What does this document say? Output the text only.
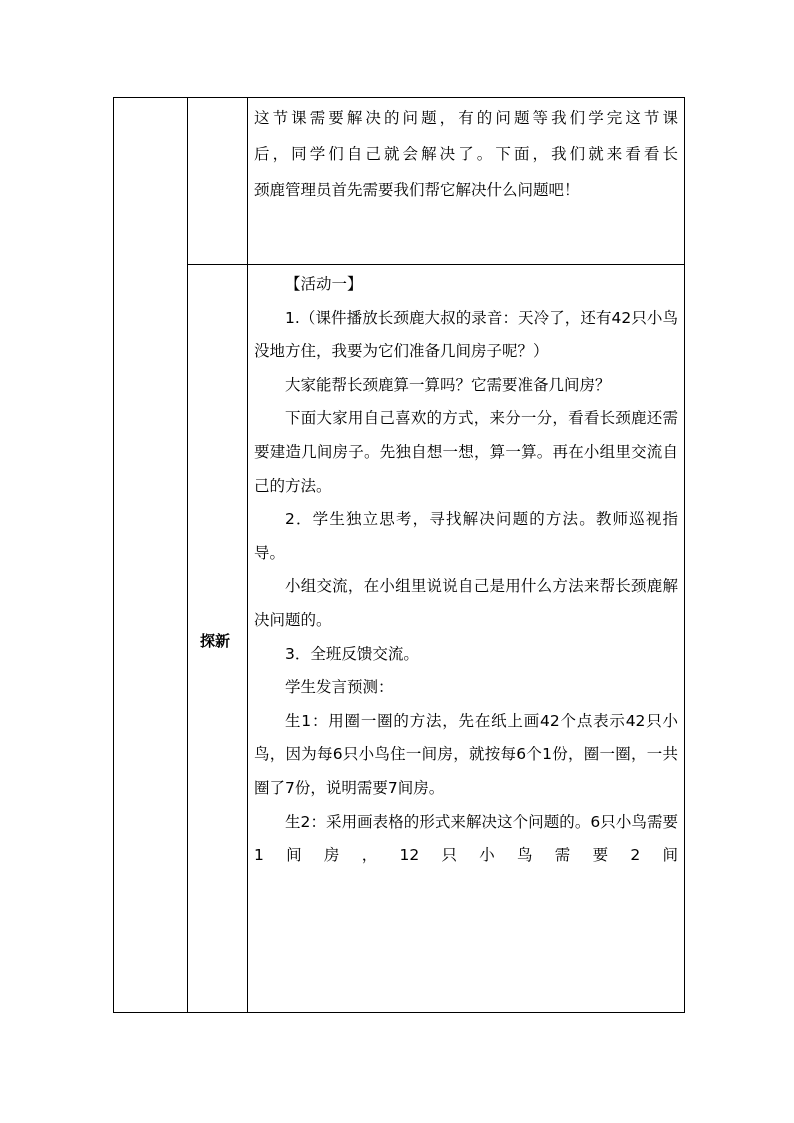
这节课需要解决的问题，有的问题等我们学完这节课

后，同学们自己就会解决了。下面，我们就来看看长

颈鹿管理员首先需要我们帮它解决什么问题吧！

探新

【活动一】

1.（课件播放长颈鹿大叔的录音：天冷了，还有42只小鸟没地方住，我要为它们准备几间房子呢？）

大家能帮长颈鹿算一算吗？它需要准备几间房？

下面大家用自己喜欢的方式，来分一分，看看长颈鹿还需要建造几间房子。先独自想一想，算一算。再在小组里交流自己的方法。

2．学生独立思考，寻找解决问题的方法。教师巡视指导。

小组交流，在小组里说说自己是用什么方法来帮长颈鹿解决问题的。

3．全班反馈交流。

学生发言预测：

生1：用圈一圈的方法，先在纸上画42个点表示42只小鸟，因为每6只小鸟住一间房，就按每6个1份，圈一圈，一共圈了7份，说明需要7间房。

生2：采用画表格的形式来解决这个问题的。6只小鸟需要1间房，12只小鸟需要2间
